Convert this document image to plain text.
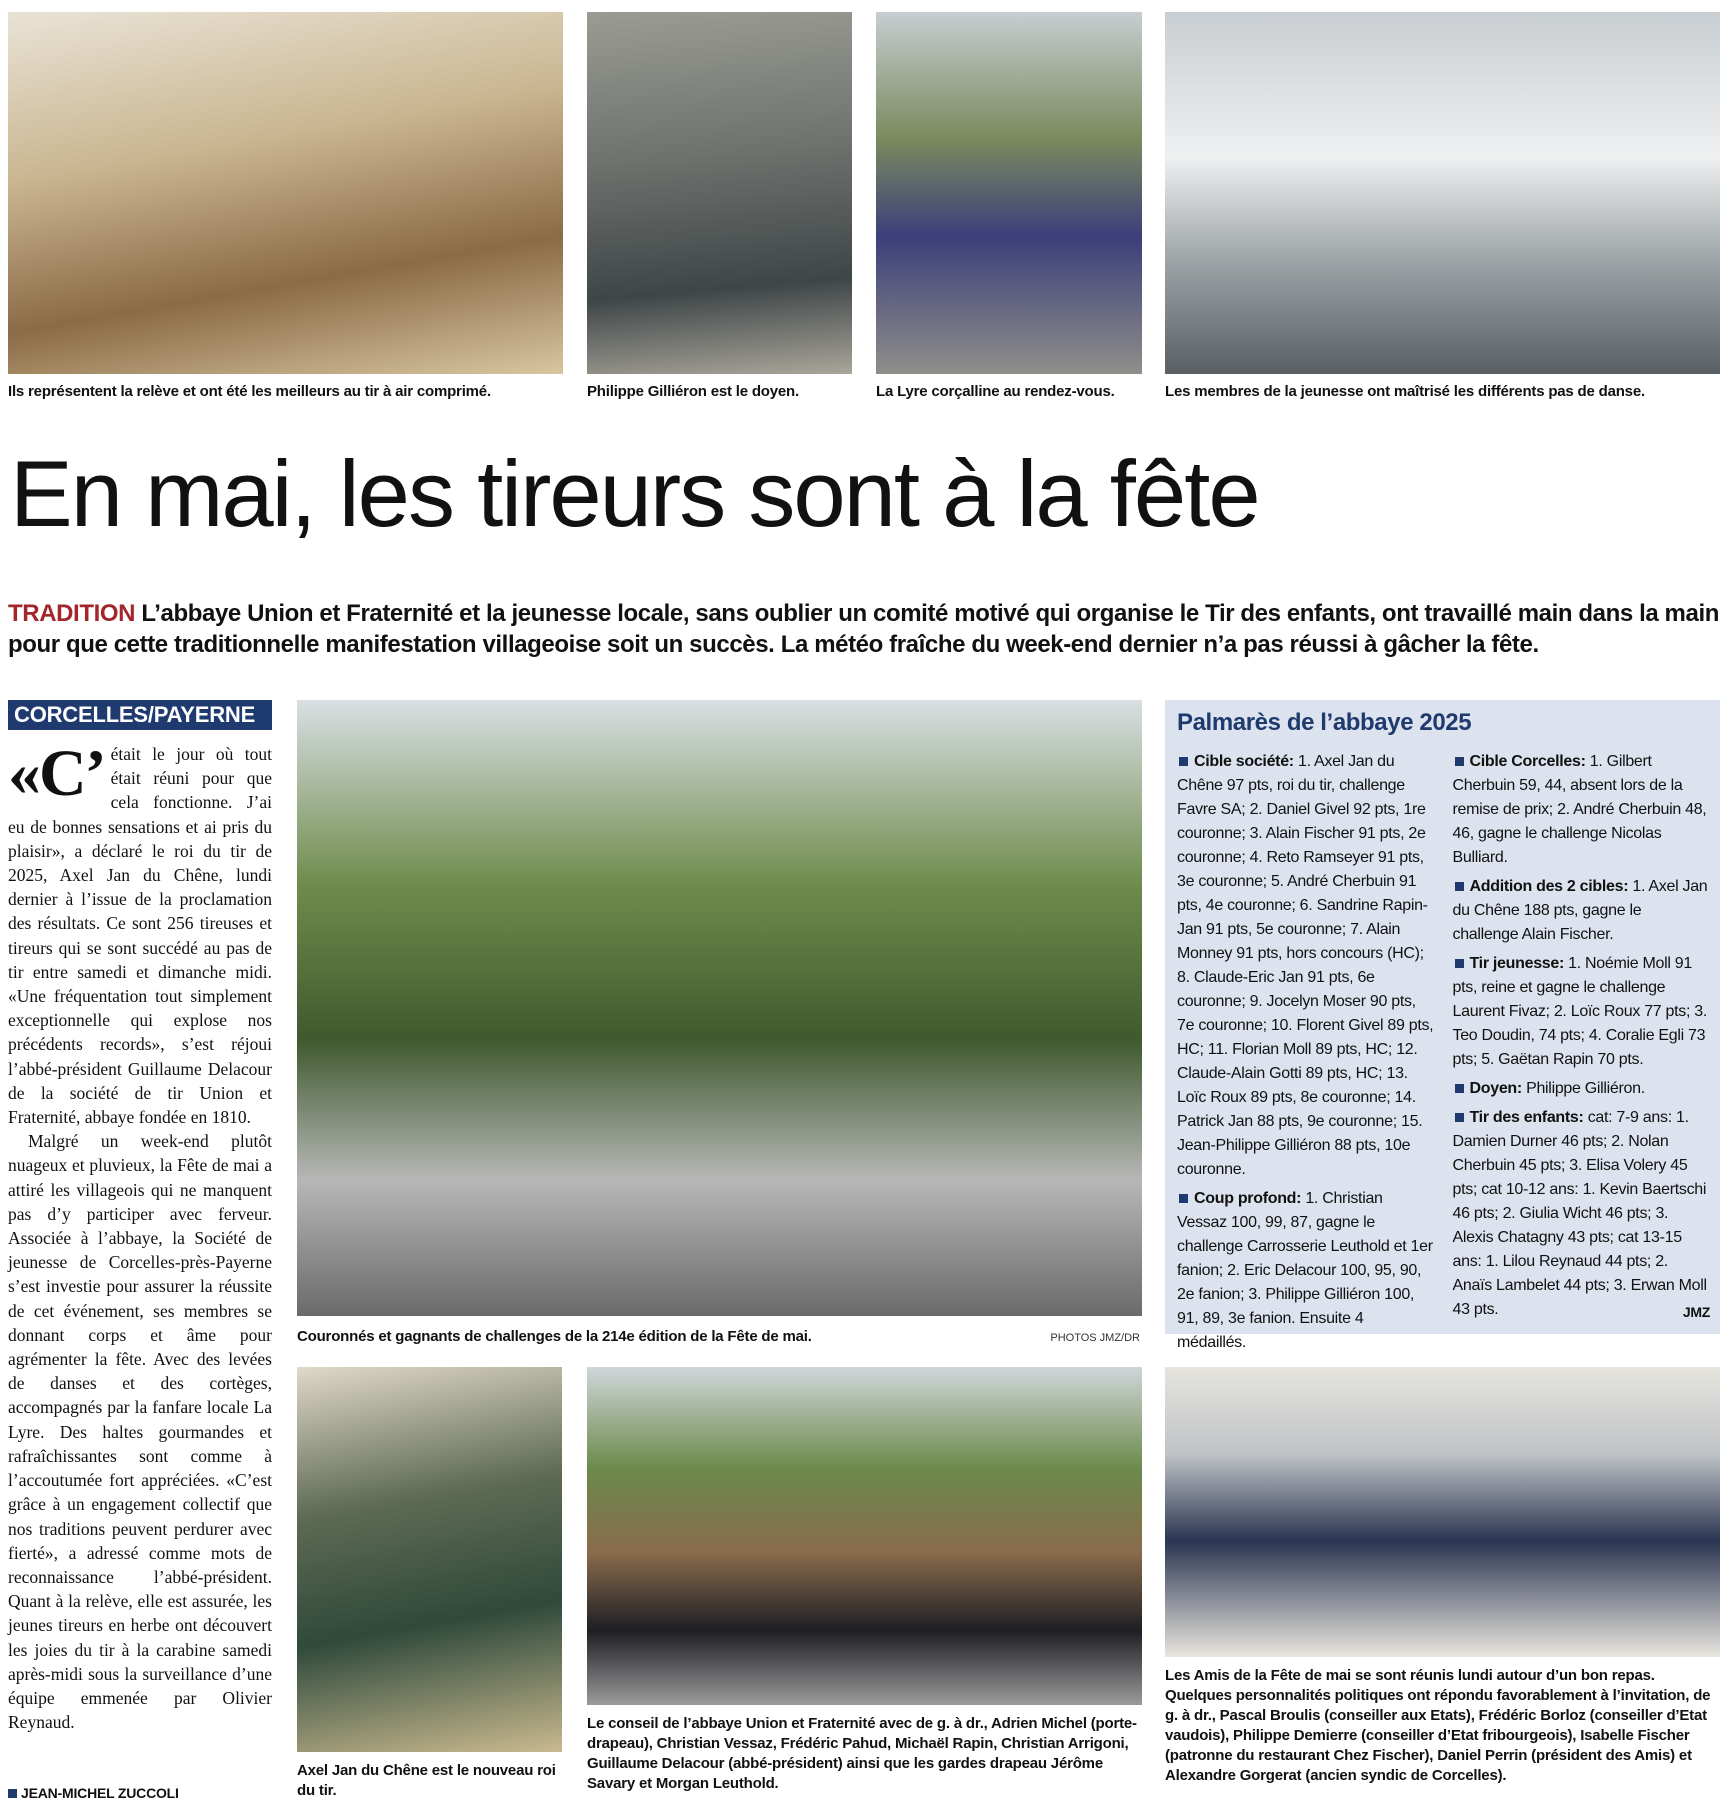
Ils représentent la relève et ont été les meilleurs au tir à air comprimé.	Philippe Gilliéron est le doyen.	La Lyre corçalline au rendez-vous.	Les membres de la jeunesse ont maîtrisé les différents pas de danse.
En mai, les tireurs sont à la fête
TRADITION L’abbaye Union et Fraternité et la jeunesse locale, sans oublier un comité motivé qui organise le Tir des enfants, ont travaillé main dans la main pour que cette traditionnelle manifestation villageoise soit un succès. La météo fraîche du week-end dernier n’a pas réussi à gâcher la fête.
CORCELLES/PAYERNE

«C’ était le jour où tout était réuni pour que cela fonctionne. J’ai eu de bonnes sensations et ai pris du plaisir», a déclaré le roi du tir de 2025, Axel Jan du Chêne, lundi dernier à l’issue de la proclamation des résultats. Ce sont 256 tireuses et tireurs qui se sont succédé au pas de tir entre samedi et dimanche midi. «Une fréquentation tout simplement exceptionnelle qui explose nos précédents records», s’est réjoui l’abbé-président Guillaume Delacour de la société de tir Union et Fraternité, abbaye fondée en 1810.

Malgré un week-end plutôt nuageux et pluvieux, la Fête de mai a attiré les villageois qui ne manquent pas d’y participer avec ferveur. Associée à l’abbaye, la Société de jeunesse de Corcelles-près-Payerne s’est investie pour assurer la réussite de cet événement, ses membres se donnant corps et âme pour agrémenter la fête. Avec des levées de danses et des cortèges, accompagnés par la fanfare locale La Lyre. Des haltes gourmandes et rafraîchissantes sont comme à l’accoutumée fort appréciées. «C’est grâce à un engagement collectif que nos traditions peuvent perdurer avec fierté», a adressé comme mots de reconnaissance l’abbé-président. Quant à la relève, elle est assurée, les jeunes tireurs en herbe ont découvert les joies du tir à la carabine samedi après-midi sous la surveillance d’une équipe emmenée par Olivier Reynaud.

JEAN-MICHEL ZUCCOLI
Couronnés et gagnants de challenges de la 214e édition de la Fête de mai.	PHOTOS JMZ/DR
Palmarès de l’abbaye 2025
Cible société: 1. Axel Jan du Chêne 97 pts, roi du tir, challenge Favre SA; 2. Daniel Givel 92 pts, 1re couronne; 3. Alain Fischer 91 pts, 2e couronne; 4. Reto Ramseyer 91 pts, 3e couronne; 5. André Cherbuin 91 pts, 4e couronne; 6. Sandrine Rapin-Jan 91 pts, 5e couronne; 7. Alain Monney 91 pts, hors concours (HC); 8. Claude-Eric Jan 91 pts, 6e couronne; 9. Jocelyn Moser 90 pts, 7e couronne; 10. Florent Givel 89 pts, HC; 11. Florian Moll 89 pts, HC; 12. Claude-Alain Gotti 89 pts, HC; 13. Loïc Roux 89 pts, 8e couronne; 14. Patrick Jan 88 pts, 9e couronne; 15. Jean-Philippe Gilliéron 88 pts, 10e couronne.
Coup profond: 1. Christian Vessaz 100, 99, 87, gagne le challenge Carrosserie Leuthold et 1er fanion; 2. Eric Delacour 100, 95, 90, 2e fanion; 3. Philippe Gilliéron 100, 91, 89, 3e fanion. Ensuite 4 médaillés.
Cible Corcelles: 1. Gilbert Cherbuin 59, 44, absent lors de la remise de prix; 2. André Cherbuin 48, 46, gagne le challenge Nicolas Bulliard.
Addition des 2 cibles: 1. Axel Jan du Chêne 188 pts, gagne le challenge Alain Fischer.
Tir jeunesse: 1. Noémie Moll 91 pts, reine et gagne le challenge Laurent Fivaz; 2. Loïc Roux 77 pts; 3. Teo Doudin, 74 pts; 4. Coralie Egli 73 pts; 5. Gaëtan Rapin 70 pts.
Doyen: Philippe Gilliéron.
Tir des enfants: cat: 7-9 ans: 1. Damien Durner 46 pts; 2. Nolan Cherbuin 45 pts; 3. Elisa Volery 45 pts; cat 10-12 ans: 1. Kevin Baertschi 46 pts; 2. Giulia Wicht 46 pts; 3. Alexis Chatagny 43 pts; cat 13-15 ans: 1. Lilou Reynaud 44 pts; 2. Anaïs Lambelet 44 pts; 3. Erwan Moll 43 pts.	JMZ
Axel Jan du Chêne est le nouveau roi du tir.
Le conseil de l’abbaye Union et Fraternité avec de g. à dr., Adrien Michel (porte-drapeau), Christian Vessaz, Frédéric Pahud, Michaël Rapin, Christian Arrigoni, Guillaume Delacour (abbé-président) ainsi que les gardes drapeau Jérôme Savary et Morgan Leuthold.
Les Amis de la Fête de mai se sont réunis lundi autour d’un bon repas. Quelques personnalités politiques ont répondu favorablement à l’invitation, de g. à dr., Pascal Broulis (conseiller aux Etats), Frédéric Borloz (conseiller d’Etat vaudois), Philippe Demierre (conseiller d’Etat fribourgeois), Isabelle Fischer (patronne du restaurant Chez Fischer), Daniel Perrin (président des Amis) et Alexandre Gorgerat (ancien syndic de Corcelles).
